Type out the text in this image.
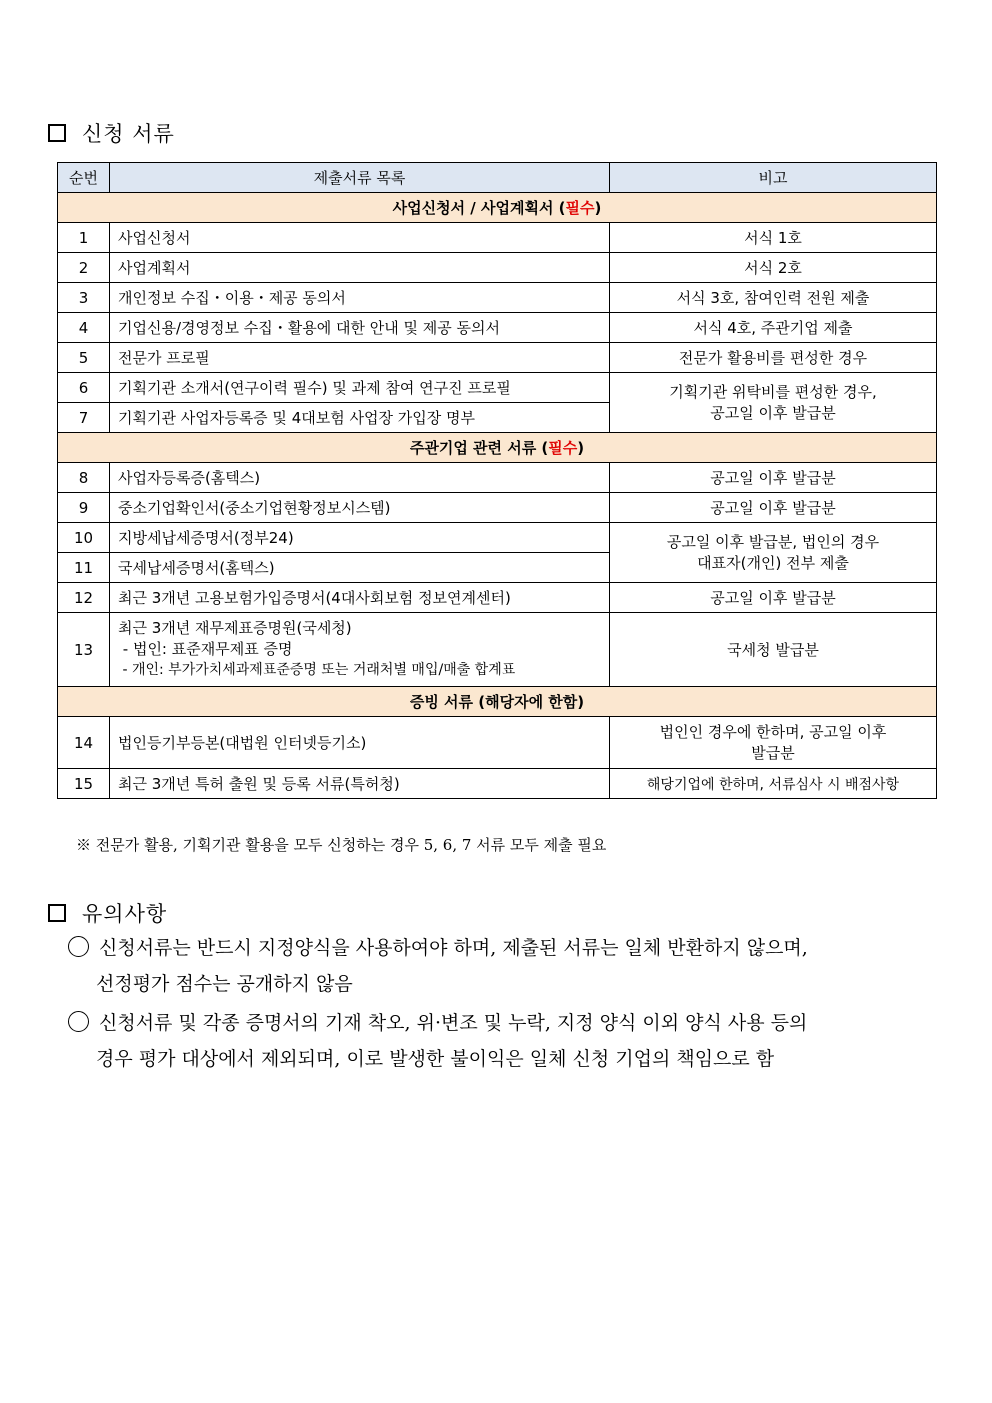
신청 서류
순번	제출서류 목록	비고
사업신청서 / 사업계획서 (필수)		
1	사업신청서	서식 1호
2	사업계획서	서식 2호
3	개인정보 수집・이용・제공 동의서	서식 3호, 참여인력 전원 제출
4	기업신용/경영정보 수집・활용에 대한 안내 및 제공 동의서	서식 4호, 주관기업 제출
5	전문가 프로필	전문가 활용비를 편성한 경우
6	기획기관 소개서(연구이력 필수) 및 과제 참여 연구진 프로필	기획기관 위탁비를 편성한 경우,
공고일 이후 발급분

7	기획기관 사업자등록증 및 4대보험 사업장 가입장 명부	
주관기업 관련 서류 (필수)		
8	사업자등록증(홈텍스)	공고일 이후 발급분
9	중소기업확인서(중소기업현황정보시스템)	공고일 이후 발급분
10	지방세납세증명서(정부24)	공고일 이후 발급분, 법인의 경우
대표자(개인) 전부 제출

11	국세납세증명서(홈텍스)	
12	최근 3개년 고용보험가입증명서(4대사회보험 정보연계센터)	공고일 이후 발급분
13	최근 3개년 재무제표증명원(국세청)
- 법인: 표준재무제표 증명
- 개인: 부가가치세과제표준증명 또는 거래처별 매입/매출 합계표	국세청 발급분
증빙 서류 (해당자에 한함)		
14	법인등기부등본(대법원 인터넷등기소)	법인인 경우에 한하며, 공고일 이후
발급분

15	최근 3개년 특허 출원 및 등록 서류(특허청)	해당기업에 한하며, 서류심사 시 배점사항
※ 전문가 활용, 기획기관 활용을 모두 신청하는 경우 5, 6, 7 서류 모두 제출 필요
유의사항
신청서류는 반드시 지정양식을 사용하여야 하며, 제출된 서류는 일체 반환하지 않으며,
선정평가 점수는 공개하지 않음
신청서류 및 각종 증명서의 기재 착오, 위·변조 및 누락, 지정 양식 이외 양식 사용 등의
경우 평가 대상에서 제외되며, 이로 발생한 불이익은 일체 신청 기업의 책임으로 함
